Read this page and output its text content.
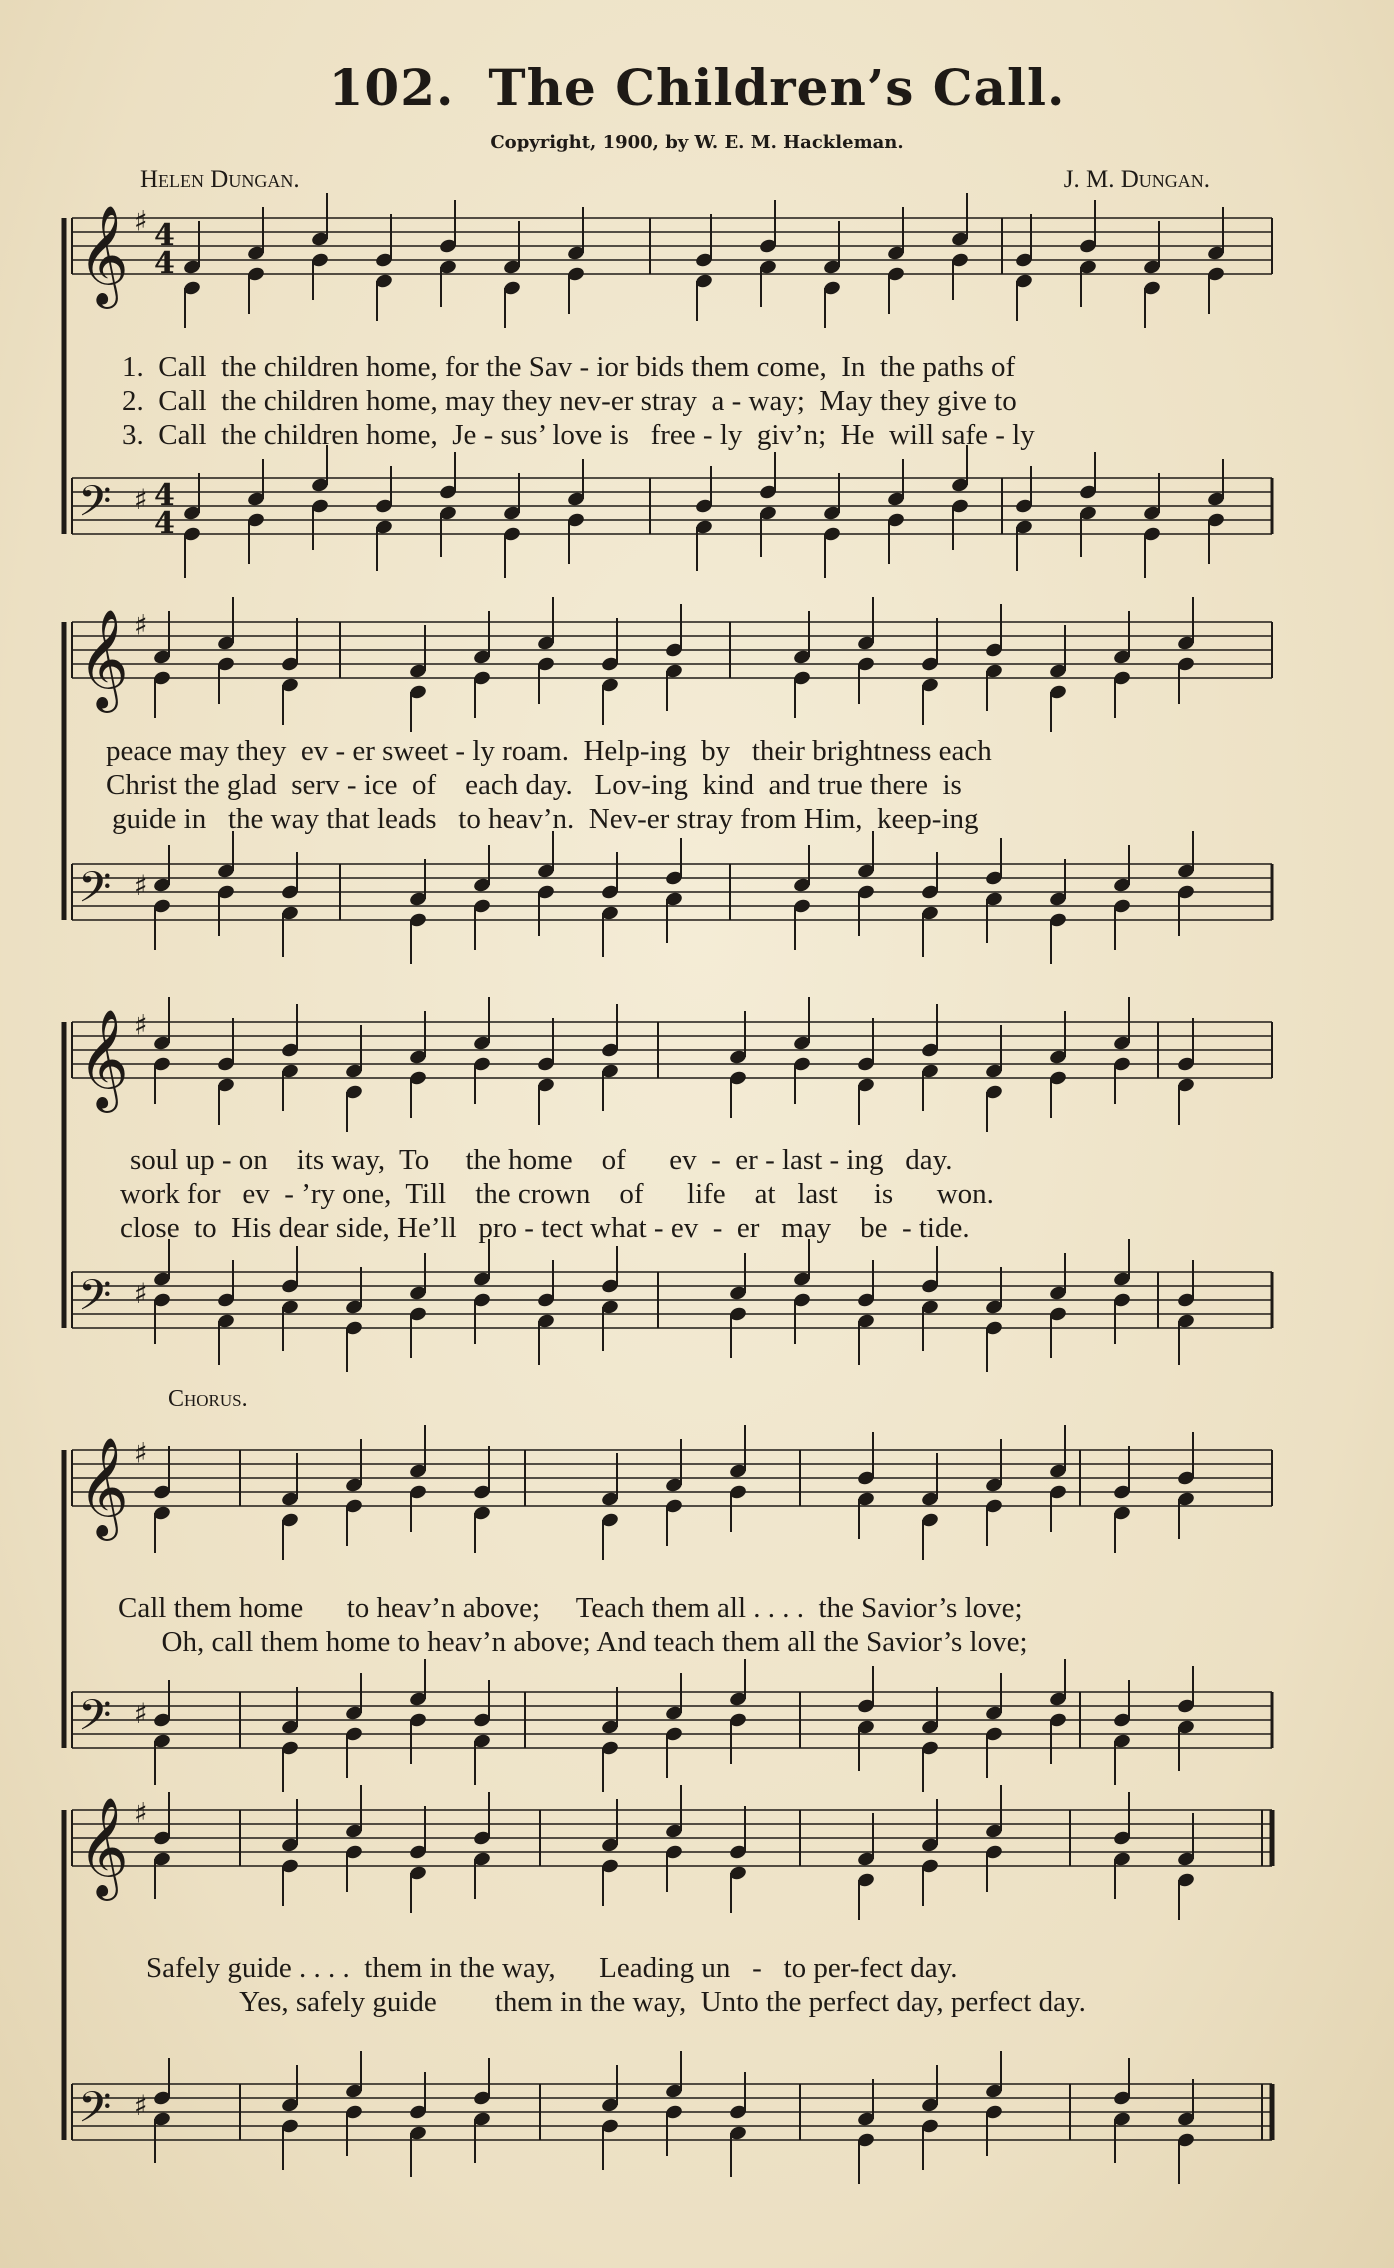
102. The Children’s Call.
Copyright, 1900, by W. E. M. Hackleman.
Helen Dungan.	J. M. Dungan.
Chorus.
𝄞 ♯ 4
4
𝄢 ♯ 4
4
𝄞 ♯
𝄢 ♯
𝄞 ♯
𝄢 ♯
𝄞 ♯
𝄢 ♯
𝄞 ♯
𝄢 ♯
1.  Call  the children home, for the Sav - ior bids them come,  In  the paths of
2.  Call  the children home, may they nev-er stray  a - way;  May they give to
3.  Call  the children home,  Je - sus’ love is   free - ly  giv’n;  He  will safe - ly
peace may they  ev - er sweet - ly roam.  Help-ing  by   their brightness each
Christ the glad  serv - ice  of    each day.   Lov-ing  kind  and true there  is
guide in   the way that leads   to heav’n.  Nev-er stray from Him,  keep-ing
soul up - on    its way,  To     the home    of      ev  -  er - last - ing   day.
work for   ev  - ’ry one,  Till    the crown    of      life    at   last     is      won.
close  to  His dear side, He’ll   pro - tect what - ev  -  er   may    be  - tide.
Call them home      to heav’n above;     Teach them all . . . .  the Savior’s love;
Oh, call them home to heav’n above; And teach them all the Savior’s love;
Safely guide . . . .  them in the way,      Leading un   -   to per-fect day.
Yes, safely guide        them in the way,  Unto the perfect day, perfect day.
